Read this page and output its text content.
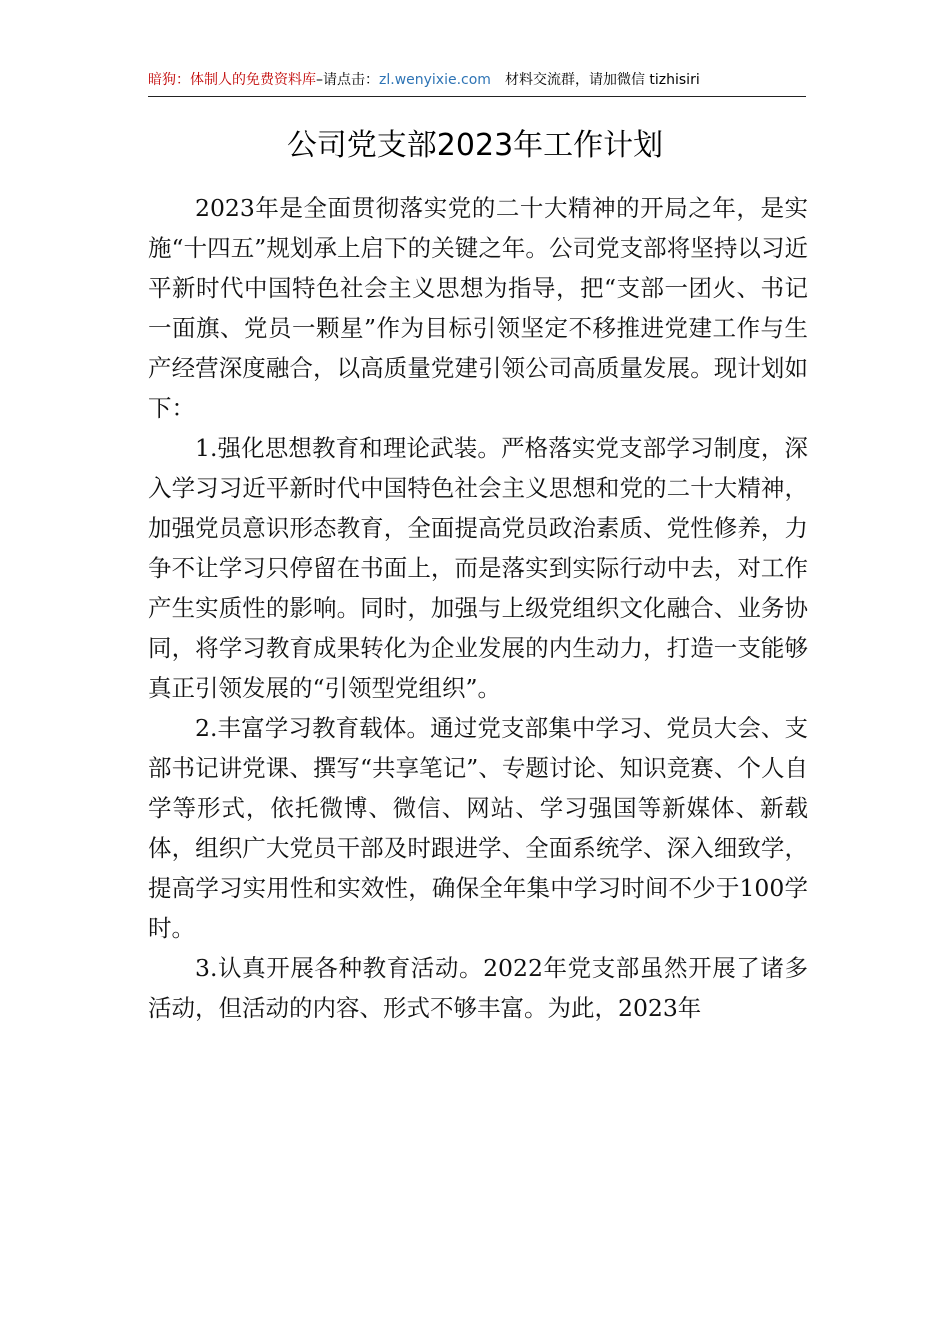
暗狗：体制人的免费资料库–请点击：zl.wenyixie.com 材料交流群，请加微信 tizhisiri
公司党支部2023年工作计划

2023年是全面贯彻落实党的二十大精神的开局之年，是实施“十四五”规划承上启下的关键之年。公司党支部将坚持以习近平新时代中国特色社会主义思想为指导，把“支部一团火、书记一面旗、党员一颗星”作为目标引领坚定不移推进党建工作与生产经营深度融合，以高质量党建引领公司高质量发展。现计划如下：

1.强化思想教育和理论武装。严格落实党支部学习制度，深入学习习近平新时代中国特色社会主义思想和党的二十大精神，加强党员意识形态教育，全面提高党员政治素质、党性修养，力争不让学习只停留在书面上，而是落实到实际行动中去，对工作产生实质性的影响。同时，加强与上级党组织文化融合、业务协同，将学习教育成果转化为企业发展的内生动力，打造一支能够真正引领发展的“引领型党组织”。

2.丰富学习教育载体。通过党支部集中学习、党员大会、支部书记讲党课、撰写“共享笔记”、专题讨论、知识竞赛、个人自学等形式，依托微博、微信、网站、学习强国等新媒体、新载体，组织广大党员干部及时跟进学、全面系统学、深入细致学，提高学习实用性和实效性，确保全年集中学习时间不少于100学时。

3.认真开展各种教育活动。2022年党支部虽然开展了诸多活动，但活动的内容、形式不够丰富。为此，2023年
